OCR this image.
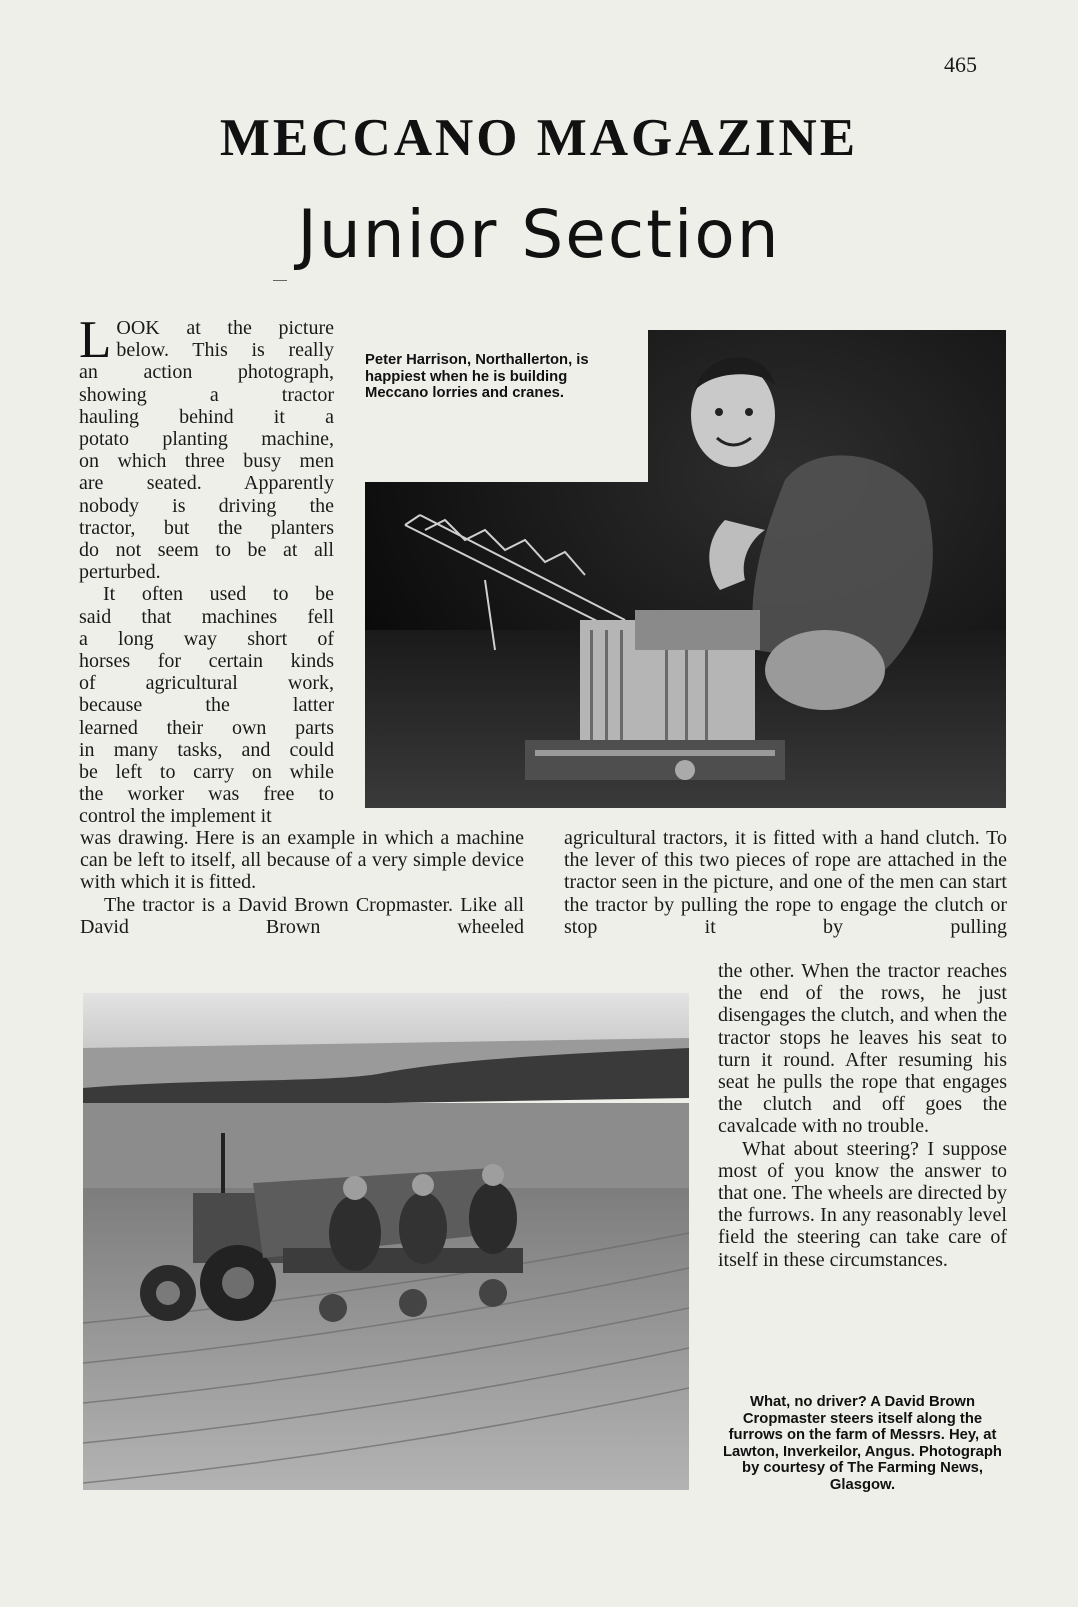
465
MECCANO MAGAZINE
Junior Section

Peter Harrison, Northallerton, is happiest when he is building Meccano lorries and cranes.

L OOK at the picture
below. This is really
an action photograph,
showing a tractor
hauling behind it a
potato planting machine,
on which three busy men
are seated. Apparently
nobody is driving the
tractor, but the planters
do not seem to be at all
perturbed.
It often used to be
said that machines fell
a long way short of
horses for certain kinds
of agricultural work,
because the latter
learned their own parts
in many tasks, and could
be left to carry on while
the worker was free to
control the implement it

was drawing. Here is an example in which a machine can be left to itself, all because of a very simple device with which it is fitted.

The tractor is a David Brown Cropmaster. Like all David Brown wheeled

agricultural tractors, it is fitted with a hand clutch. To the lever of this two pieces of rope are attached in the tractor seen in the picture, and one of the men can start the tractor by pulling the rope to engage the clutch or stop it by pulling

the other. When the tractor reaches the end of the rows, he just disengages the clutch, and when the tractor stops he leaves his seat to turn it round. After resuming his seat he pulls the rope that engages the clutch and off goes the cavalcade with no trouble.

What about steering? I suppose most of you know the answer to that one. The wheels are directed by the furrows. In any reasonably level field the steering can take care of itself in these circumstances.

What, no driver? A David Brown Cropmaster steers itself along the furrows on the farm of Messrs. Hey, at Lawton, Inverkeilor, Angus. Photograph by courtesy of The Farming News, Glasgow.
